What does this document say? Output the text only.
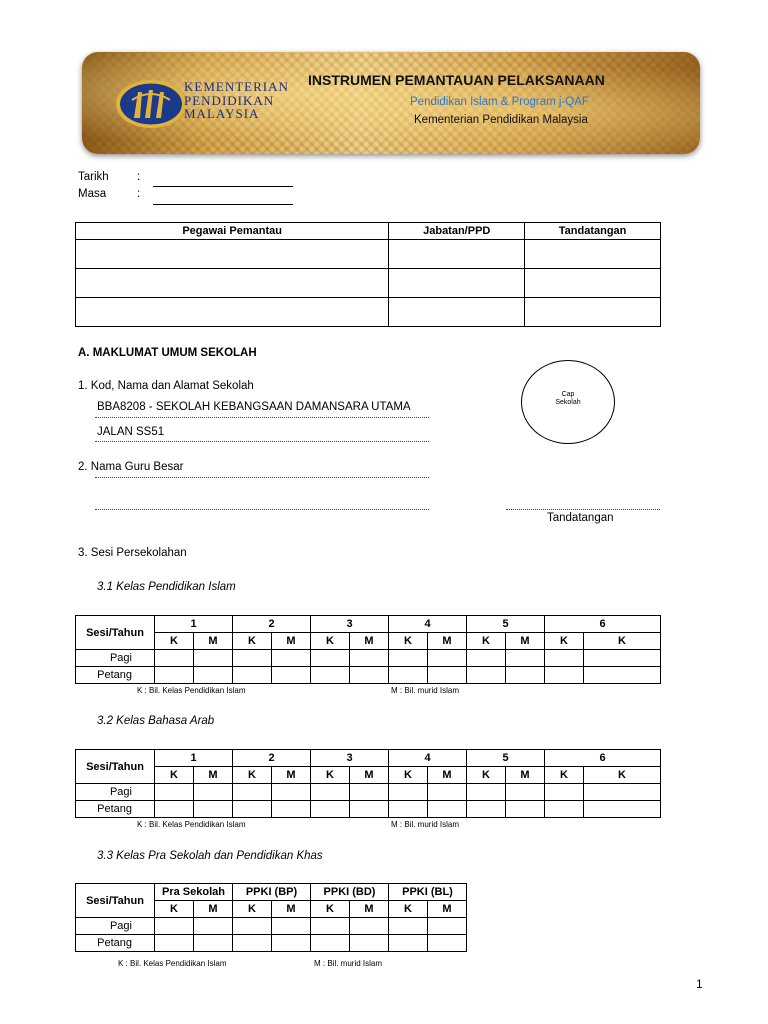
KEMENTERIAN
PENDIDIKAN
MALAYSIA
INSTRUMEN PEMANTAUAN PELAKSANAAN
Pendidikan Islam & Program j-QAF
Kementerian Pendidikan Malaysia
Tarikh :
Masa	:
Pegawai Pemantau	Jabatan/PPD	Tandatangan

A. MAKLUMAT UMUM SEKOLAH
1. Kod, Nama dan Alamat Sekolah
BBA8208 - SEKOLAH KEBANGSAAN DAMANSARA UTAMA
JALAN SS51
Cap
Sekolah
2. Nama Guru Besar
Tandatangan
3. Sesi Persekolahan
3.1 Kelas Pendidikan Islam
Sesi/Tahun	1		2		3		4		5		6	
	K	M	K	M	K	M	K	M	K	M	K	K
Pagi												
Petang												
K : Bil. Kelas Pendidikan Islam	M : Bil. murid Islam
3.2 Kelas Bahasa Arab
Sesi/Tahun	1		2		3		4		5		6	
	K	M	K	M	K	M	K	M	K	M	K	K
Pagi												
Petang												
K : Bil. Kelas Pendidikan Islam	M : Bil. murid Islam
3.3 Kelas Pra Sekolah dan Pendidikan Khas
Sesi/Tahun	Pra Sekolah		PPKI (BP)		PPKI (BD)		PPKI (BL)	
	K	M	K	M	K	M	K	M
Pagi								
Petang								
K : Bil. Kelas Pendidikan Islam	M : Bil. murid Islam
1
